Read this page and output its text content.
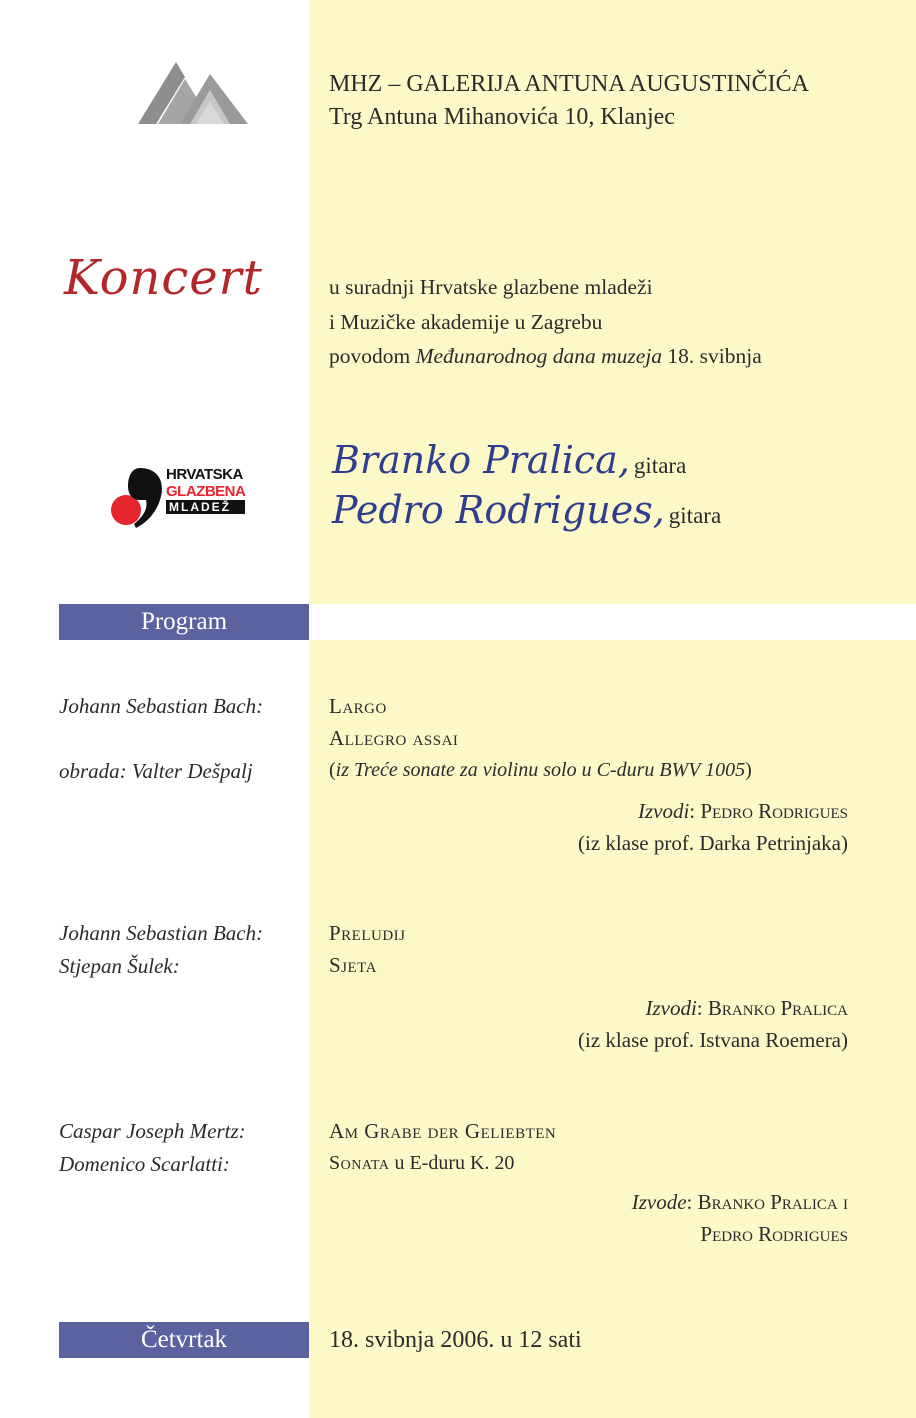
MHZ – GALERIJA ANTUNA AUGUSTINČIĆA
Trg Antuna Mihanovića 10, Klanjec
Koncert	u suradnji Hrvatske glazbene mladeži
i Muzičke akademije u Zagrebu
povodom Međunarodnog dana muzeja 18. svibnja
HRVATSKA
GLAZBENA
MLADEŽ
Branko Pralica, gitara
Pedro Rodrigues, gitara
Program
Johann Sebastian Bach:
obrada: Valter Dešpalj
Largo
Allegro assai
(iz Treće sonate za violinu solo u C-duru BWV 1005)
Izvodi: Pedro Rodrigues
(iz klase prof. Darka Petrinjaka)
Johann Sebastian Bach:
Stjepan Šulek:
Preludij
Sjeta
Izvodi: Branko Pralica
(iz klase prof. Istvana Roemera)
Caspar Joseph Mertz:
Domenico Scarlatti:
Am Grabe der Geliebten
Sonata u E-duru K. 20
Izvode: Branko Pralica i
Pedro Rodrigues
Četvrtak	18. svibnja 2006. u 12 sati
